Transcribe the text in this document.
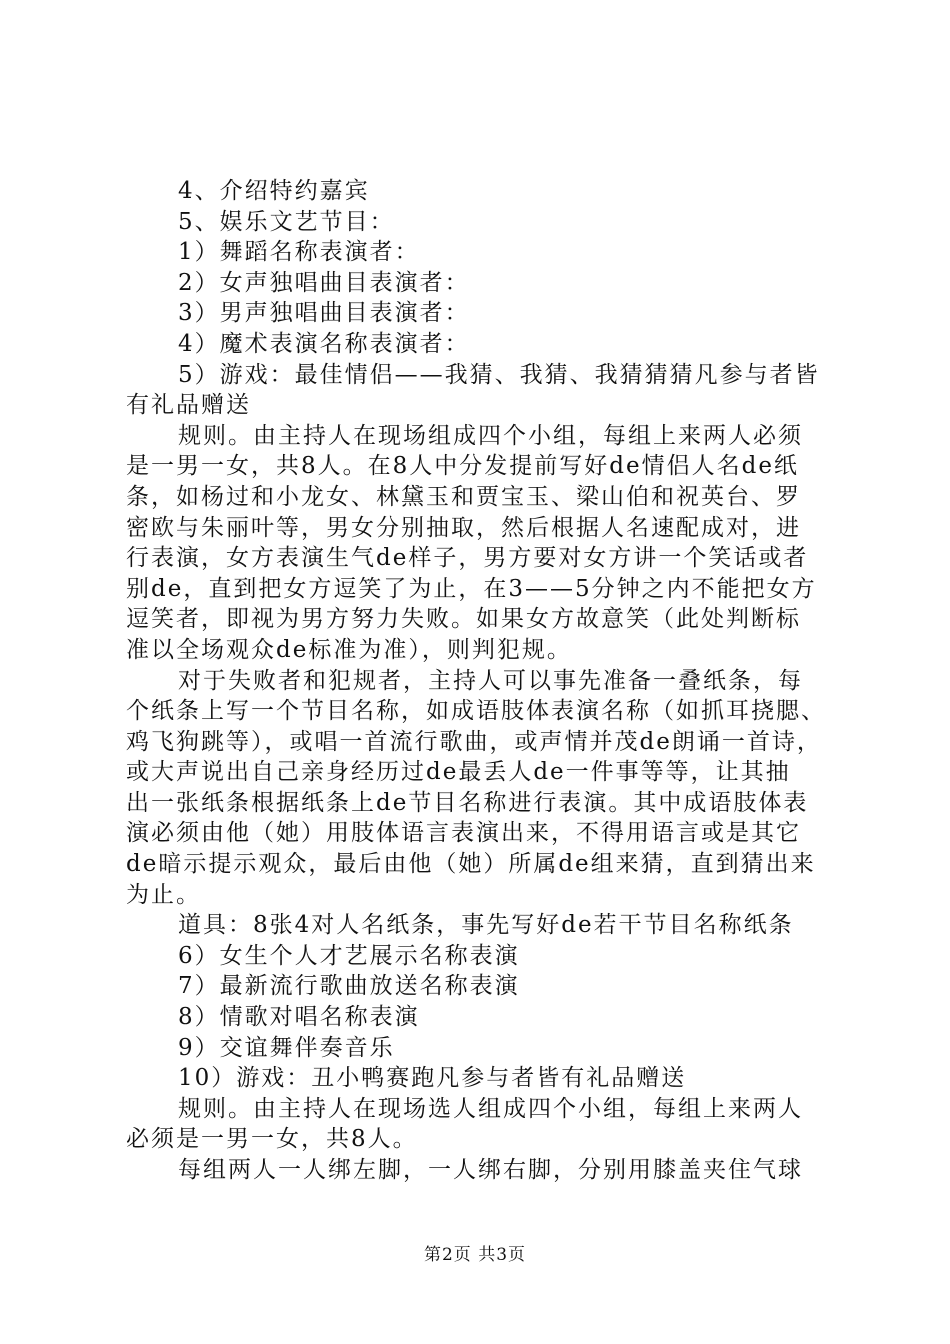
4、介绍特约嘉宾
5、娱乐文艺节目：
1）舞蹈名称表演者：
2）女声独唱曲目表演者：
3）男声独唱曲目表演者：
4）魔术表演名称表演者：
5）游戏：最佳情侣——我猜、我猜、我猜猜猜凡参与者皆
有礼品赠送
规则。由主持人在现场组成四个小组，每组上来两人必须
是一男一女，共8人。在8人中分发提前写好de情侣人名de纸
条，如杨过和小龙女、林黛玉和贾宝玉、梁山伯和祝英台、罗
密欧与朱丽叶等，男女分别抽取，然后根据人名速配成对，进
行表演，女方表演生气de样子，男方要对女方讲一个笑话或者
别de，直到把女方逗笑了为止，在3——5分钟之内不能把女方
逗笑者，即视为男方努力失败。如果女方故意笑（此处判断标
准以全场观众de标准为准），则判犯规。
对于失败者和犯规者，主持人可以事先准备一叠纸条，每
个纸条上写一个节目名称，如成语肢体表演名称（如抓耳挠腮、
鸡飞狗跳等），或唱一首流行歌曲，或声情并茂de朗诵一首诗，
或大声说出自己亲身经历过de最丢人de一件事等等，让其抽
出一张纸条根据纸条上de节目名称进行表演。其中成语肢体表
演必须由他（她）用肢体语言表演出来，不得用语言或是其它
de暗示提示观众，最后由他（她）所属de组来猜，直到猜出来
为止。
道具：8张4对人名纸条，事先写好de若干节目名称纸条
6）女生个人才艺展示名称表演
7）最新流行歌曲放送名称表演
8）情歌对唱名称表演
9）交谊舞伴奏音乐
10）游戏：丑小鸭赛跑凡参与者皆有礼品赠送
规则。由主持人在现场选人组成四个小组，每组上来两人
必须是一男一女，共8人。
每组两人一人绑左脚，一人绑右脚，分别用膝盖夹住气球
第2页 共3页
